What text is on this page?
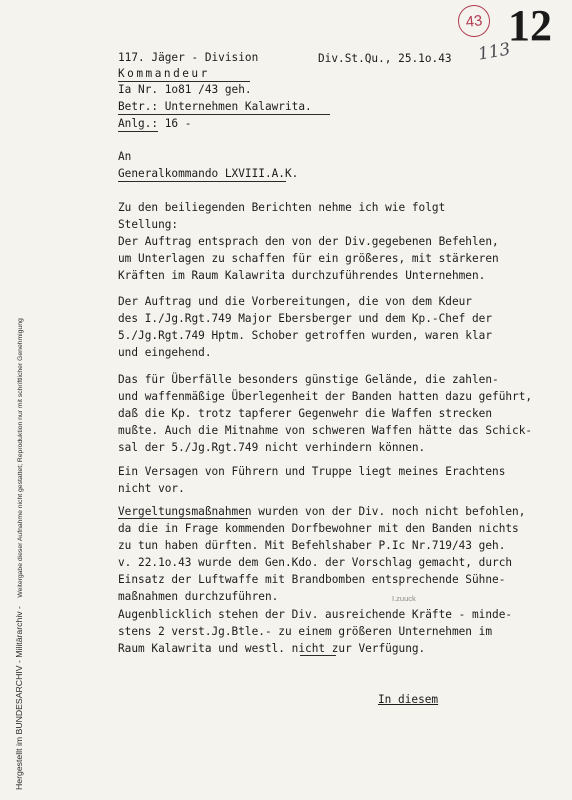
Hergestellt im BUNDESARCHIV - Militärarchiv - Weitergabe dieser Aufnahme nicht gestattet; Reproduktion nur mit schriftlicher Genehmigung
43 12
113
117. Jäger - Division	Div.St.Qu., 25.1o.43
Kommandeur
Ia Nr. 1o81 /43 geh.
Betr.: Unternehmen Kalawrita.
Anlg.: 16 -
An
Generalkommando LXVIII.A.K.
Zu den beiliegenden Berichten nehme ich wie folgt
Stellung:
Der Auftrag entsprach den von der Div.gegebenen Befehlen,
um Unterlagen zu schaffen für ein größeres, mit stärkeren
Kräften im Raum Kalawrita durchzuführendes Unternehmen.
Der Auftrag und die Vorbereitungen, die von dem Kdeur
des I./Jg.Rgt.749 Major Ebersberger und dem Kp.-Chef der
5./Jg.Rgt.749 Hptm. Schober getroffen wurden, waren klar
und eingehend.
Das für Überfälle besonders günstige Gelände, die zahlen-
und waffenmäßige Überlegenheit der Banden hatten dazu geführt,
daß die Kp. trotz tapferer Gegenwehr die Waffen strecken
mußte. Auch die Mitnahme von schweren Waffen hätte das Schick-
sal der 5./Jg.Rgt.749 nicht verhindern können.
Ein Versagen von Führern und Truppe liegt meines Erachtens
nicht vor.
Vergeltungsmaßnahmen wurden von der Div. noch nicht befohlen,
da die in Frage kommenden Dorfbewohner mit den Banden nichts
zu tun haben dürften. Mit Befehlshaber P.Ic Nr.719/43 geh.
v. 22.1o.43 wurde dem Gen.Kdo. der Vorschlag gemacht, durch
Einsatz der Luftwaffe mit Brandbomben entsprechende Sühne-
maßnahmen durchzuführen.	I.zuuck
Augenblicklich stehen der Div. ausreichende Kräfte - minde-
stens 2 verst.Jg.Btle.- zu einem größeren Unternehmen im
Raum Kalawrita und westl. nicht zur Verfügung.
In diesem
